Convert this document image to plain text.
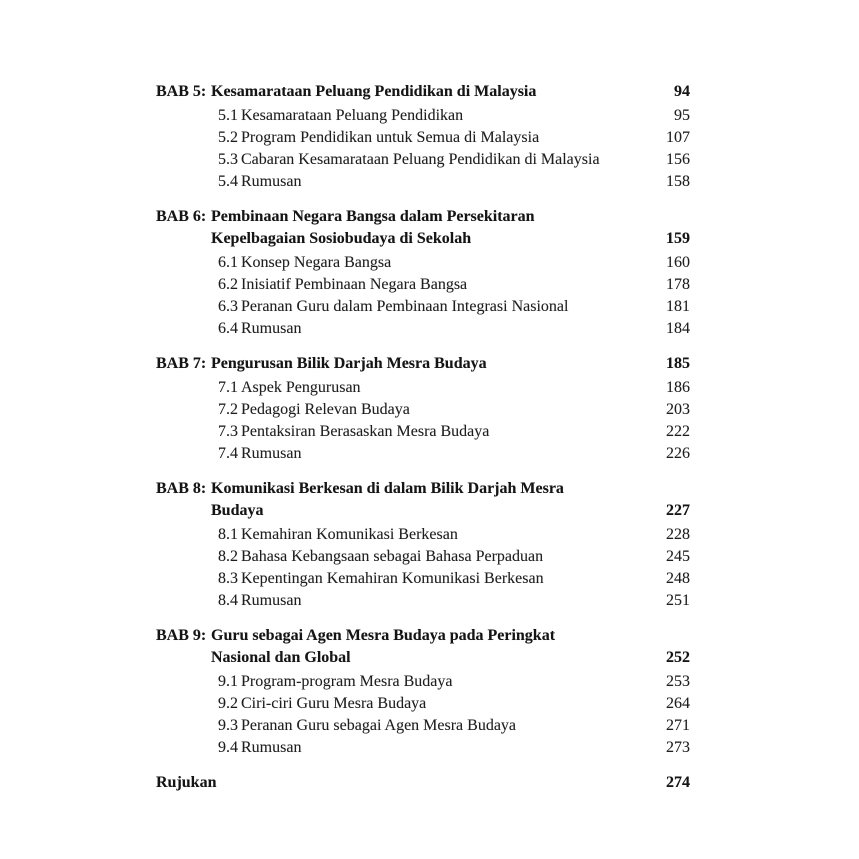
BAB 5: Kesamarataan Peluang Pendidikan di Malaysia	94
5.1 Kesamarataan Peluang Pendidikan	95
5.2 Program Pendidikan untuk Semua di Malaysia	107
5.3 Cabaran Kesamarataan Peluang Pendidikan di Malaysia	156
5.4 Rumusan	158
BAB 6: Pembinaan Negara Bangsa dalam Persekitaran
Kepelbagaian Sosiobudaya di Sekolah	159
6.1 Konsep Negara Bangsa	160
6.2 Inisiatif Pembinaan Negara Bangsa	178
6.3 Peranan Guru dalam Pembinaan Integrasi Nasional	181
6.4 Rumusan	184
BAB 7: Pengurusan Bilik Darjah Mesra Budaya	185
7.1 Aspek Pengurusan	186
7.2 Pedagogi Relevan Budaya	203
7.3 Pentaksiran Berasaskan Mesra Budaya	222
7.4 Rumusan	226
BAB 8: Komunikasi Berkesan di dalam Bilik Darjah Mesra
Budaya	227
8.1 Kemahiran Komunikasi Berkesan	228
8.2 Bahasa Kebangsaan sebagai Bahasa Perpaduan	245
8.3 Kepentingan Kemahiran Komunikasi Berkesan	248
8.4 Rumusan	251
BAB 9: Guru sebagai Agen Mesra Budaya pada Peringkat
Nasional dan Global	252
9.1 Program-program Mesra Budaya	253
9.2 Ciri-ciri Guru Mesra Budaya	264
9.3 Peranan Guru sebagai Agen Mesra Budaya	271
9.4 Rumusan	273
Rujukan	274
